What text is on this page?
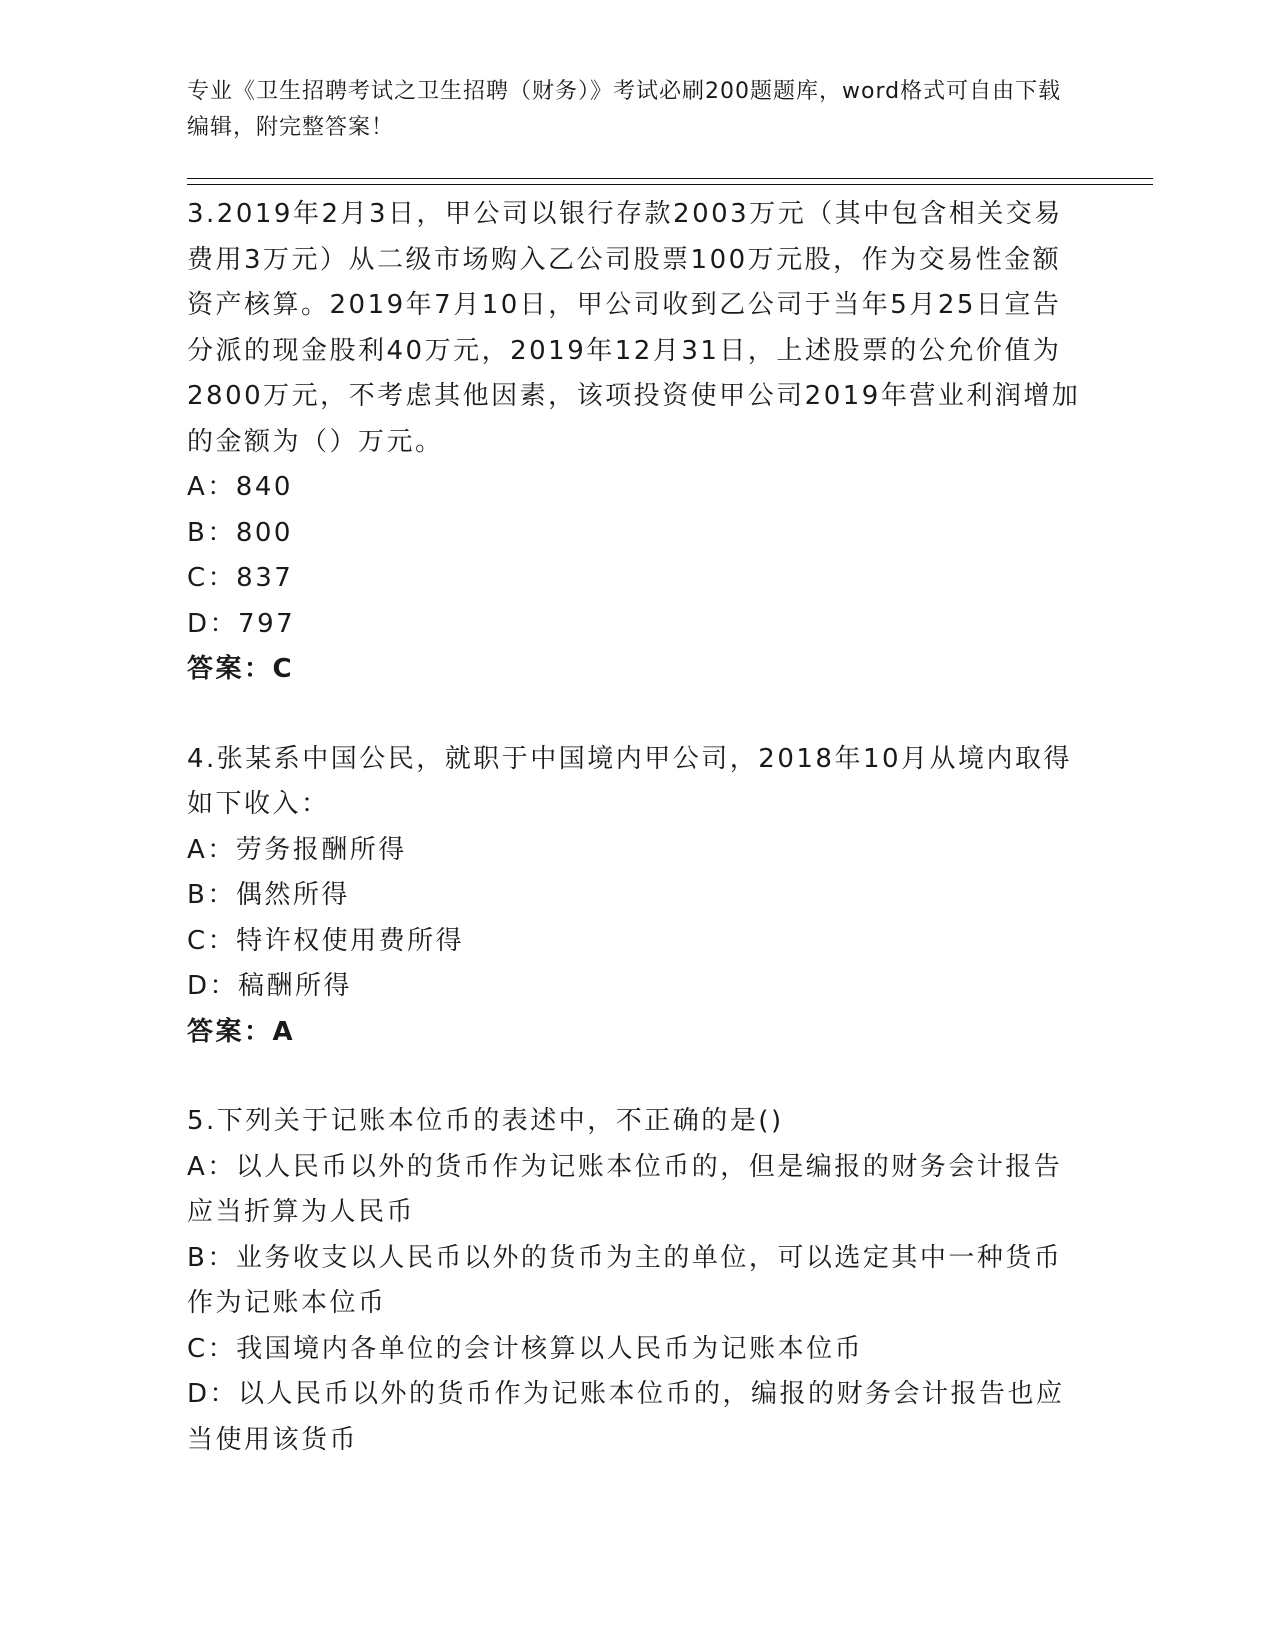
专业《卫生招聘考试之卫生招聘（财务）》考试必刷200题题库，word格式可自由下载编辑，附完整答案！
3.2019年2月3日，甲公司以银行存款2003万元（其中包含相关交易费用3万元）从二级市场购入乙公司股票100万元股，作为交易性金额资产核算。2019年7月10日，甲公司收到乙公司于当年5月25日宣告分派的现金股利40万元，2019年12月31日，上述股票的公允价值为2800万元，不考虑其他因素，该项投资使甲公司2019年营业利润增加的金额为（）万元。
A：840
B：800
C：837
D：797
答案：C
4.张某系中国公民，就职于中国境内甲公司，2018年10月从境内取得如下收入：
A：劳务报酬所得
B：偶然所得
C：特许权使用费所得
D：稿酬所得
答案：A
5.下列关于记账本位币的表述中，不正确的是()
A：以人民币以外的货币作为记账本位币的，但是编报的财务会计报告应当折算为人民币
B：业务收支以人民币以外的货币为主的单位，可以选定其中一种货币作为记账本位币
C：我国境内各单位的会计核算以人民币为记账本位币
D：以人民币以外的货币作为记账本位币的，编报的财务会计报告也应当使用该货币
